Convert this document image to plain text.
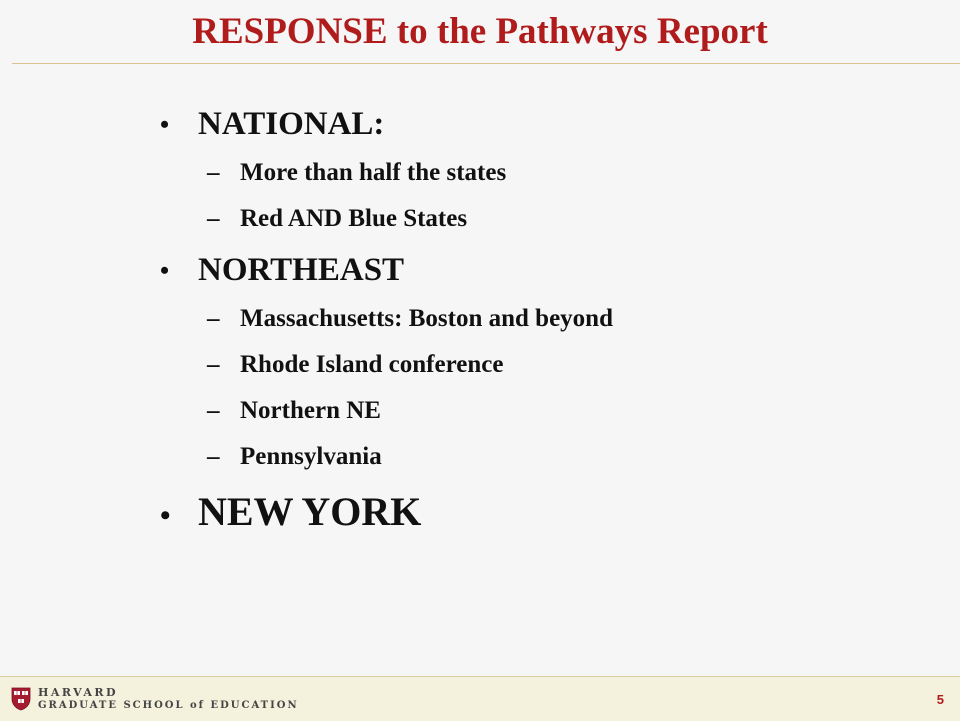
RESPONSE to the Pathways Report
• NATIONAL:
– More than half the states
– Red AND Blue States
• NORTHEAST
– Massachusetts: Boston and beyond
– Rhode Island conference
– Northern NE
– Pennsylvania
• NEW YORK
HARVARD
GRADUATE SCHOOL of EDUCATION	5
